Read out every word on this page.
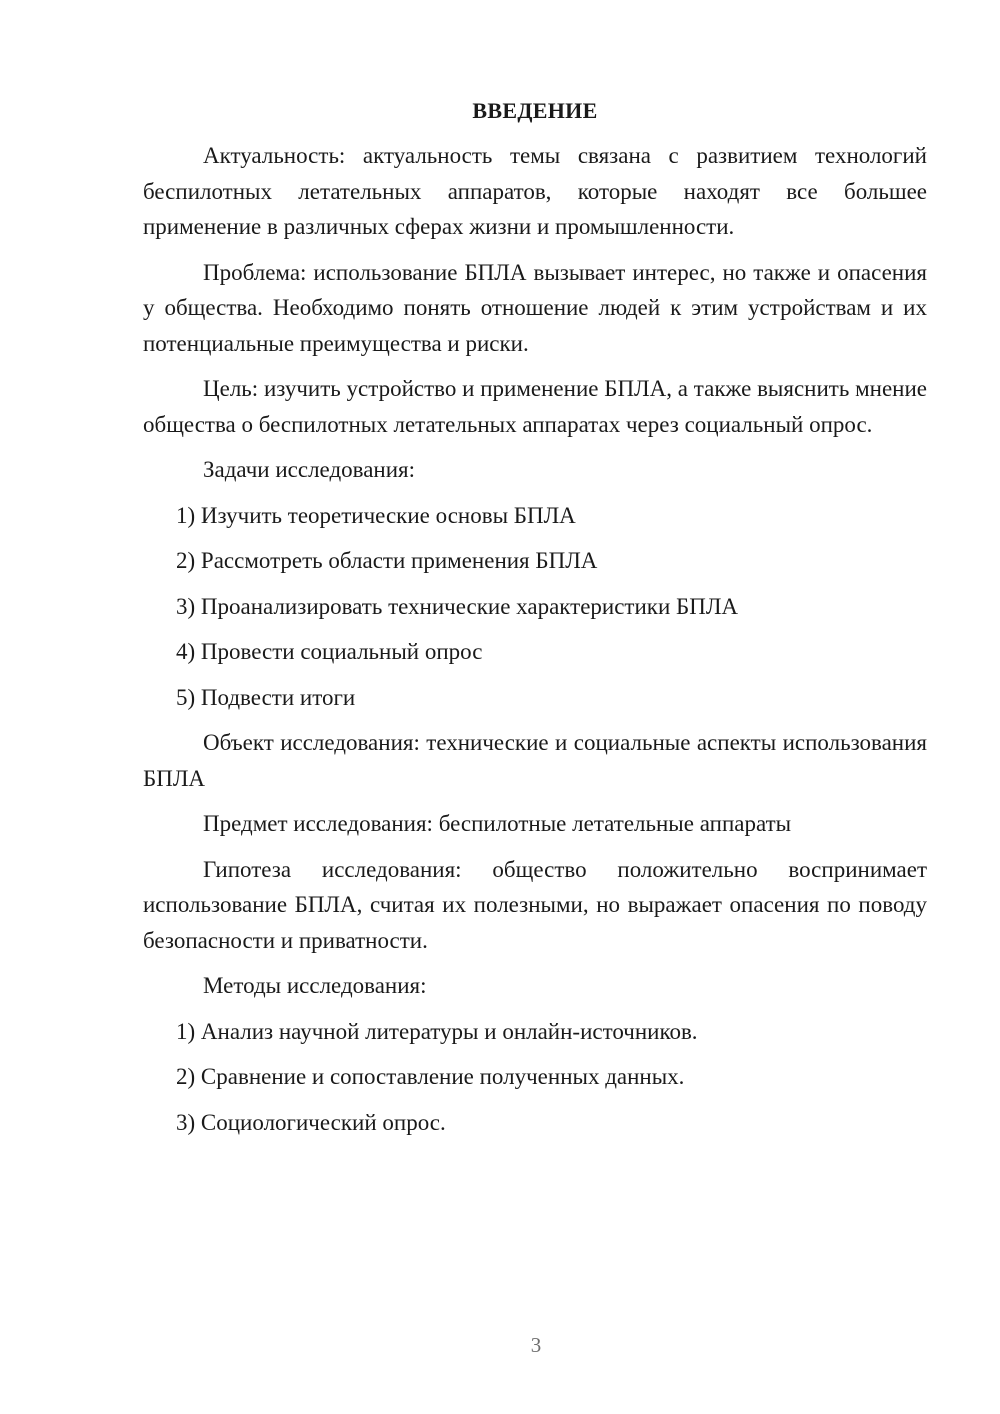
ВВЕДЕНИЕ

Актуальность: актуальность темы связана с развитием технологий беспилотных летательных аппаратов, которые находят все большее применение в различных сферах жизни и промышленности.

Проблема: использование БПЛА вызывает интерес, но также и опасения у общества. Необходимо понять отношение людей к этим устройствам и их потенциальные преимущества и риски.

Цель: изучить устройство и применение БПЛА, а также выяснить мнение общества о беспилотных летательных аппаратах через социальный опрос.

Задачи исследования:

1) Изучить теоретические основы БПЛА

2) Рассмотреть области применения БПЛА

3) Проанализировать технические характеристики БПЛА

4) Провести социальный опрос

5) Подвести итоги

Объект исследования: технические и социальные аспекты использования БПЛА

Предмет исследования: беспилотные летательные аппараты

Гипотеза исследования: общество положительно воспринимает использование БПЛА, считая их полезными, но выражает опасения по поводу безопасности и приватности.

Методы исследования:

1) Анализ научной литературы и онлайн-источников.

2) Сравнение и сопоставление полученных данных.

3) Социологический опрос.

3
